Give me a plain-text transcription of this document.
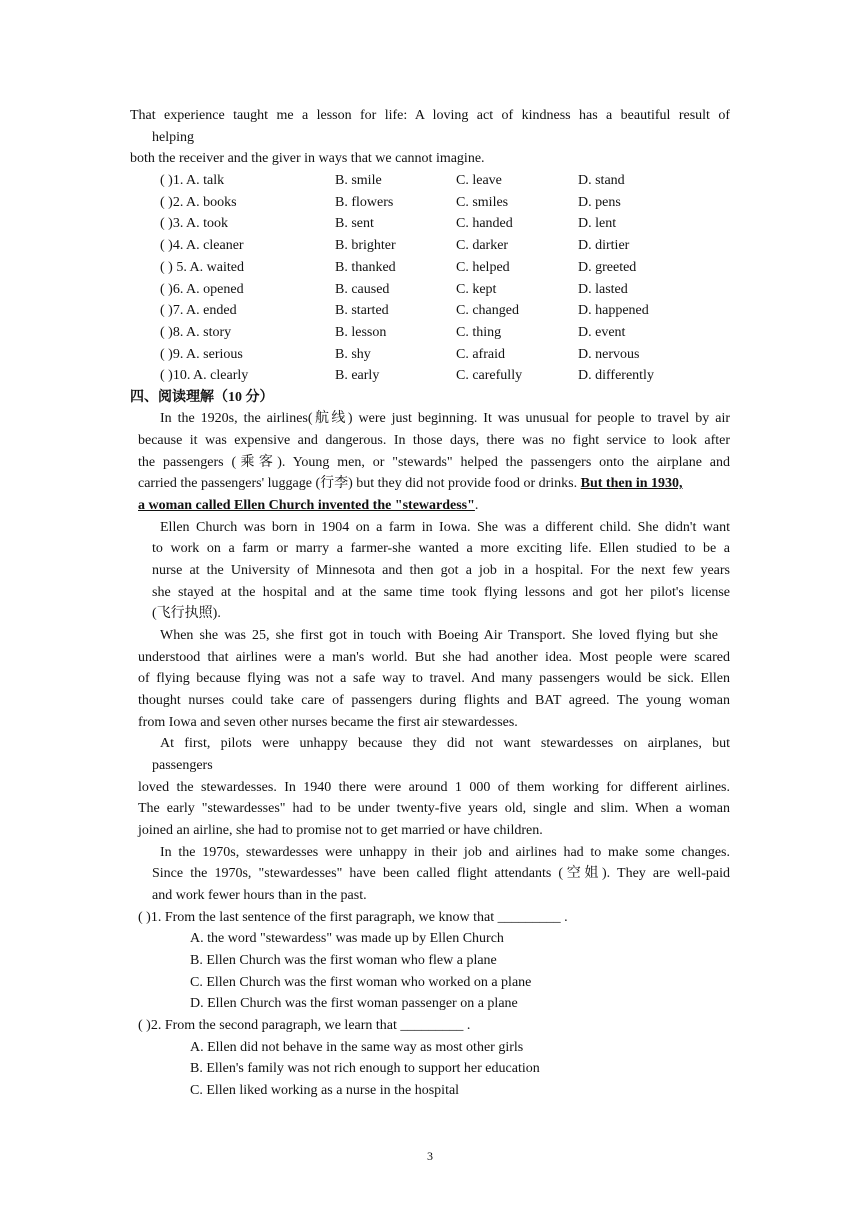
That experience taught me a lesson for life: A loving act of kindness has a beautiful result of
helping
both the receiver and the giver in ways that we cannot imagine.
( )1. A. talk	B. smile	C. leave	D. stand
( )2. A. books	B. flowers	C. smiles	D. pens
( )3. A. took	B. sent	C. handed	D. lent
( )4. A. cleaner	B. brighter	C. darker	D. dirtier
( ) 5. A. waited	B. thanked	C. helped	D. greeted
( )6. A. opened	B. caused	C. kept	D. lasted
( )7. A. ended	B. started	C. changed	D. happened
( )8. A. story	B. lesson	C. thing	D. event
( )9. A. serious	B. shy	C. afraid	D. nervous
( )10. A. clearly	B. early	C. carefully	D. differently
四、阅读理解（10 分）
In the 1920s, the airlines(航线) were just beginning. It was unusual for people to travel by air
because it was expensive and dangerous. In those days, there was no fight service to look after
the passengers (乘客). Young men, or "stewards" helped the passengers onto the airplane and
carried the passengers' luggage (行李) but they did not provide food or drinks. But then in 1930,
a woman called Ellen Church invented the "stewardess".
Ellen Church was born in 1904 on a farm in Iowa. She was a different child. She didn't want
to work on a farm or marry a farmer-she wanted a more exciting life. Ellen studied to be a
nurse at the University of Minnesota and then got a job in a hospital. For the next few years
she stayed at the hospital and at the same time took flying lessons and got her pilot's license
(飞行执照).
When she was 25, she first got in touch with Boeing Air Transport. She loved flying but she
understood that airlines were a man's world. But she had another idea. Most people were scared
of flying because flying was not a safe way to travel. And many passengers would be sick. Ellen
thought nurses could take care of passengers during flights and BAT agreed. The young woman
from Iowa and seven other nurses became the first air stewardesses.
At first, pilots were unhappy because they did not want stewardesses on airplanes, but
passengers
loved the stewardesses. In 1940 there were around 1 000 of them working for different airlines.
The early "stewardesses" had to be under twenty-five years old, single and slim. When a woman
joined an airline, she had to promise not to get married or have children.
In the 1970s, stewardesses were unhappy in their job and airlines had to make some changes.
Since the 1970s, "stewardesses" have been called flight attendants (空姐). They are well-paid
and work fewer hours than in the past.
( )1. From the last sentence of the first paragraph, we know that _________ .
A. the word "stewardess" was made up by Ellen Church
B. Ellen Church was the first woman who flew a plane
C. Ellen Church was the first woman who worked on a plane
D. Ellen Church was the first woman passenger on a plane
( )2. From the second paragraph, we learn that _________ .
A. Ellen did not behave in the same way as most other girls
B. Ellen's family was not rich enough to support her education
C. Ellen liked working as a nurse in the hospital
3
